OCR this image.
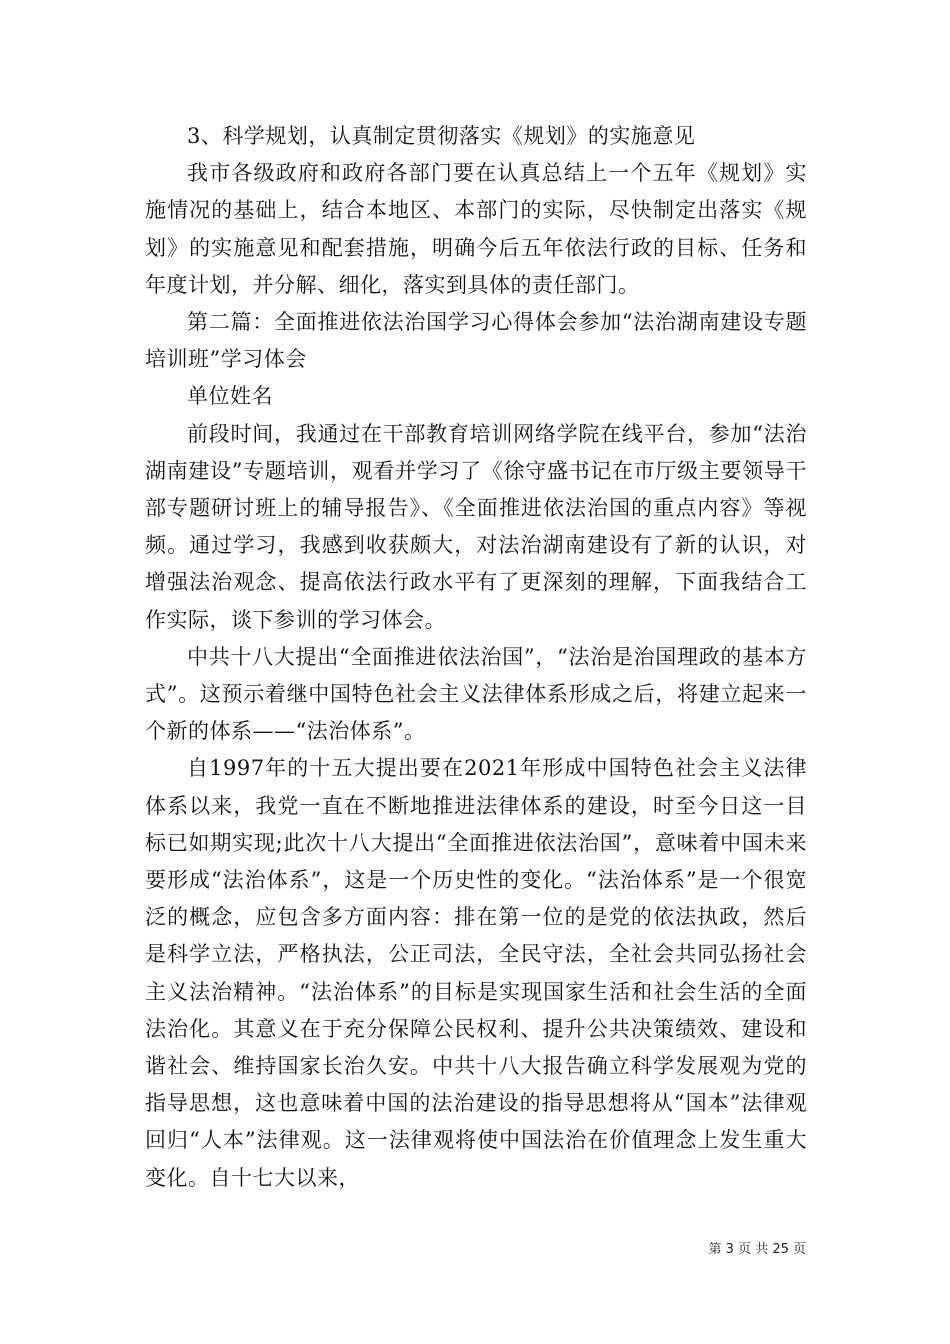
3、科学规划，认真制定贯彻落实《规划》的实施意见

我市各级政府和政府各部门要在认真总结上一个五年《规划》实施情况的基础上，结合本地区、本部门的实际，尽快制定出落实《规划》的实施意见和配套措施，明确今后五年依法行政的目标、任务和年度计划，并分解、细化，落实到具体的责任部门。

第二篇：全面推进依法治国学习心得体会参加“法治湖南建设专题培训班”学习体会

单位姓名

前段时间，我通过在干部教育培训网络学院在线平台，参加“法治湖南建设”专题培训，观看并学习了《徐守盛书记在市厅级主要领导干部专题研讨班上的辅导报告》、《全面推进依法治国的重点内容》等视频。通过学习，我感到收获颇大，对法治湖南建设有了新的认识，对增强法治观念、提高依法行政水平有了更深刻的理解，下面我结合工作实际，谈下参训的学习体会。

中共十八大提出“全面推进依法治国”，“法治是治国理政的基本方式”。这预示着继中国特色社会主义法律体系形成之后，将建立起来一个新的体系——“法治体系”。

自1997年的十五大提出要在2021年形成中国特色社会主义法律体系以来，我党一直在不断地推进法律体系的建设，时至今日这一目标已如期实现;此次十八大提出“全面推进依法治国”，意味着中国未来要形成“法治体系”，这是一个历史性的变化。“法治体系”是一个很宽泛的概念，应包含多方面内容：排在第一位的是党的依法执政，然后是科学立法，严格执法，公正司法，全民守法，全社会共同弘扬社会主义法治精神。“法治体系”的目标是实现国家生活和社会生活的全面法治化。其意义在于充分保障公民权利、提升公共决策绩效、建设和谐社会、维持国家长治久安。中共十八大报告确立科学发展观为党的指导思想，这也意味着中国的法治建设的指导思想将从“国本”法律观回归“人本”法律观。这一法律观将使中国法治在价值理念上发生重大变化。自十七大以来，

第 3 页 共 25 页
